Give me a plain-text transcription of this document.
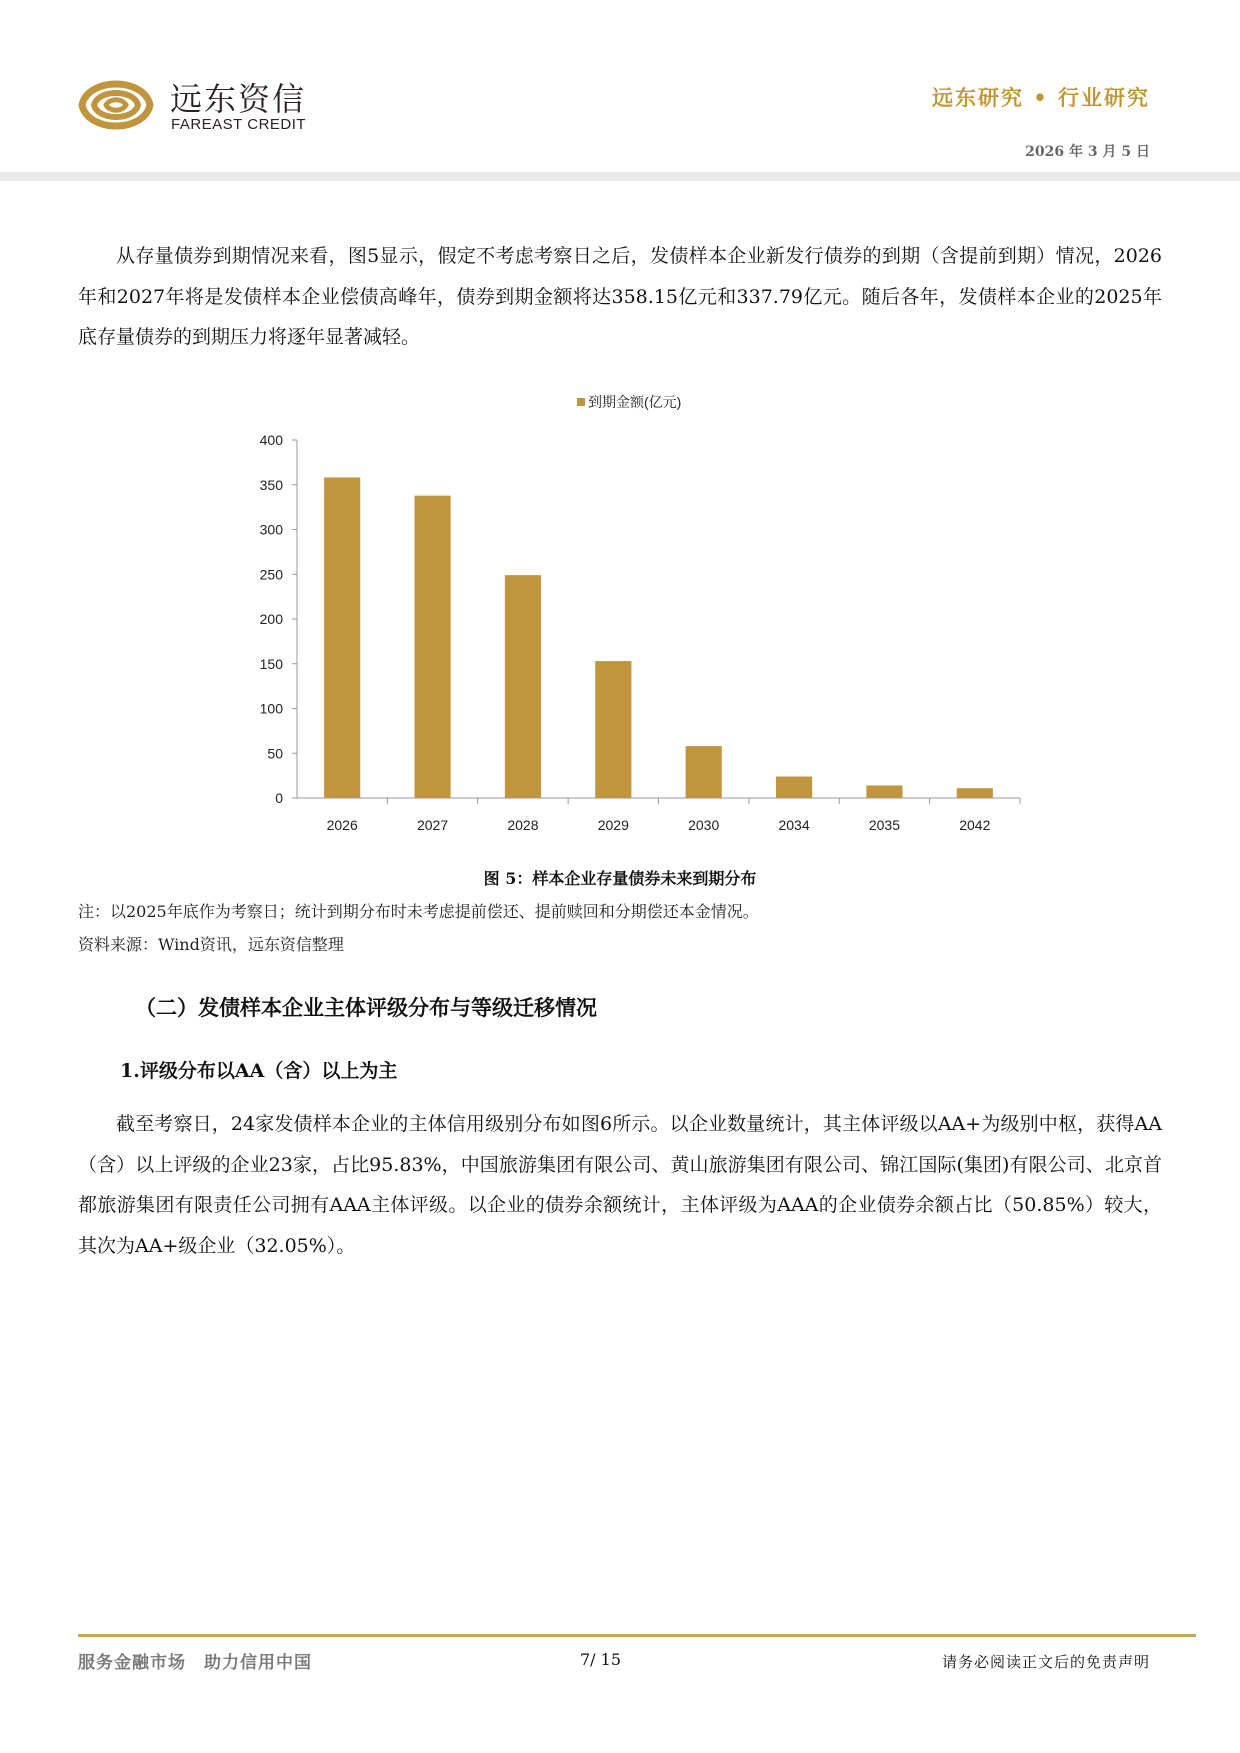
远东资信
FAREAST CREDIT
远东研究 • 行业研究
2026 年 3 月 5 日

从存量债券到期情况来看，图5显示，假定不考虑考察日之后，发债样本企业新发行债券的到期（含提前到期）情况，2026年和2027年将是发债样本企业偿债高峰年，债券到期金额将达358.15亿元和337.79亿元。随后各年，发债样本企业的2025年底存量债券的到期压力将逐年显著减轻。

到期金额(亿元)
0
50
100
150
200
250
300
350
400
2026	2027	2028	2029	2030	2034	2035	2042
图 5：样本企业存量债券未来到期分布
注：以2025年底作为考察日；统计到期分布时未考虑提前偿还、提前赎回和分期偿还本金情况。
资料来源：Wind资讯，远东资信整理
（二）发债样本企业主体评级分布与等级迁移情况
1.评级分布以AA（含）以上为主

截至考察日，24家发债样本企业的主体信用级别分布如图6所示。以企业数量统计，其主体评级以AA+为级别中枢，获得AA（含）以上评级的企业23家，占比95.83%，中国旅游集团有限公司、黄山旅游集团有限公司、锦江国际(集团)有限公司、北京首都旅游集团有限责任公司拥有AAA主体评级。以企业的债券余额统计，主体评级为AAA的企业债券余额占比（50.85%）较大，其次为AA+级企业（32.05%）。

服务金融市场　助力信用中国	7/ 15	请务必阅读正文后的免责声明
